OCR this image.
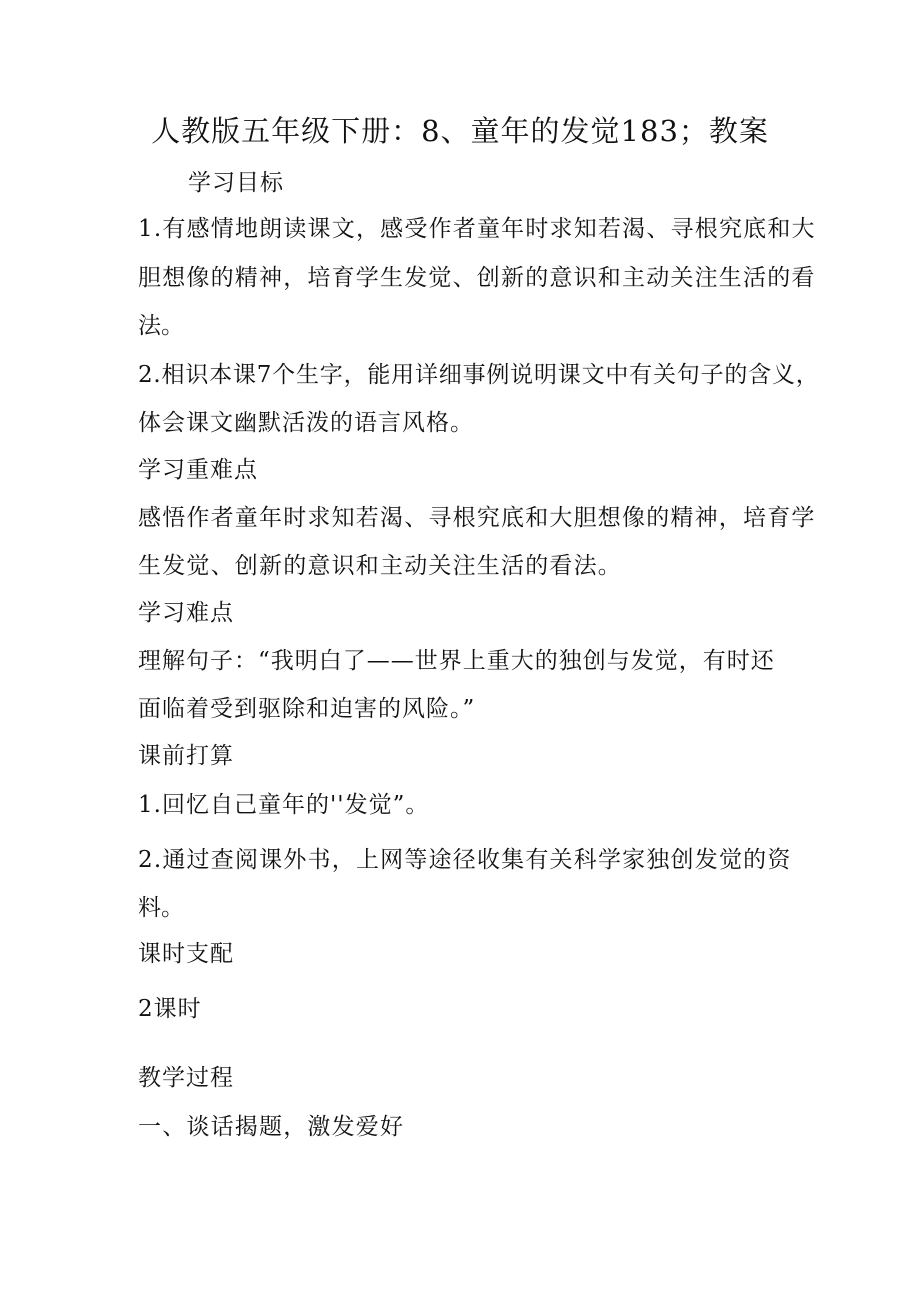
人教版五年级下册：8、童年的发觉183；教案
学习目标
1.有感情地朗读课文，感受作者童年时求知若渴、寻根究底和大
胆想像的精神，培育学生发觉、创新的意识和主动关注生活的看
法。
2.相识本课7个生字，能用详细事例说明课文中有关句子的含义，
体会课文幽默活泼的语言风格。
学习重难点
感悟作者童年时求知若渴、寻根究底和大胆想像的精神，培育学
生发觉、创新的意识和主动关注生活的看法。
学习难点
理解句子：“我明白了——世界上重大的独创与发觉，有时还
面临着受到驱除和迫害的风险。”
课前打算
1.回忆自己童年的''发觉”。
2.通过查阅课外书，上网等途径收集有关科学家独创发觉的资
料。
课时支配
2课时
教学过程
一、谈话揭题，激发爱好
